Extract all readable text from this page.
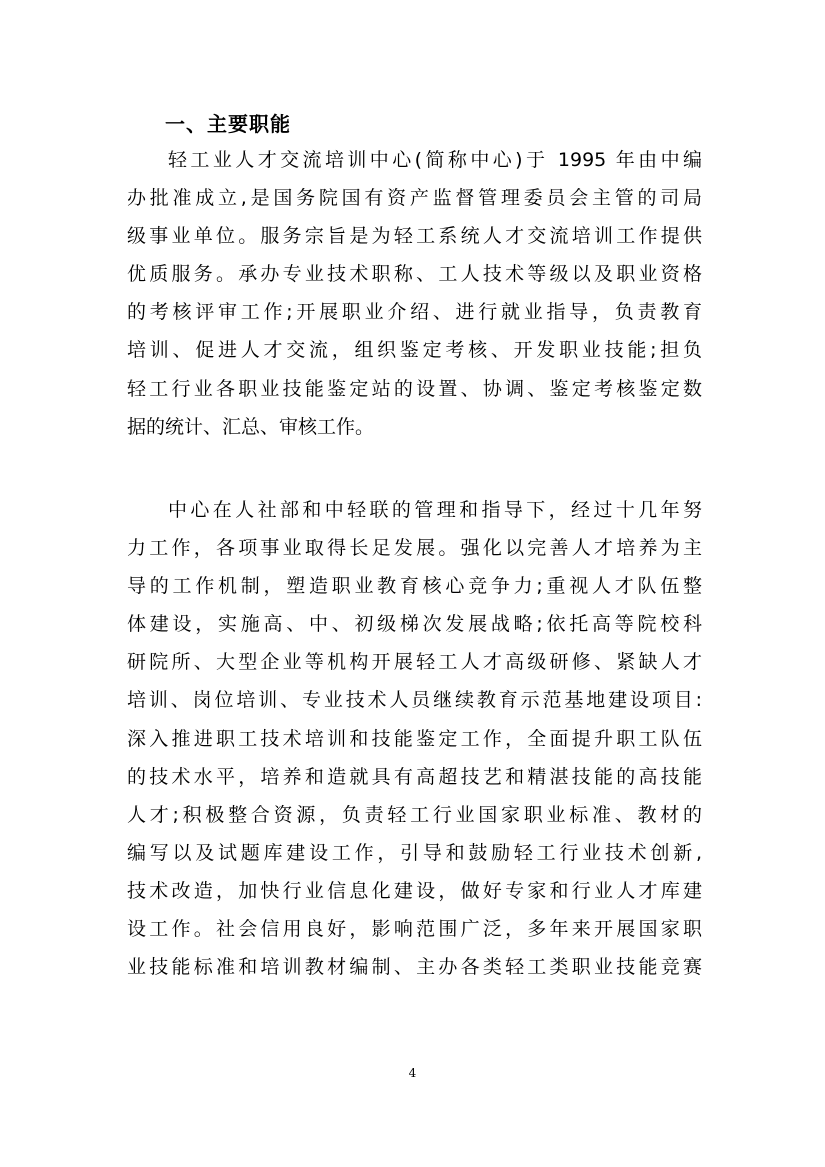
一、主要职能
轻工业人才交流培训中心(简称中心)于 1995 年由中编
办批准成立,是国务院国有资产监督管理委员会主管的司局
级事业单位。服务宗旨是为轻工系统人才交流培训工作提供
优质服务。承办专业技术职称、工人技术等级以及职业资格
的考核评审工作;开展职业介绍、进行就业指导，负责教育
培训、促进人才交流，组织鉴定考核、开发职业技能;担负
轻工行业各职业技能鉴定站的设置、协调、鉴定考核鉴定数
据的统计、汇总、审核工作。
中心在人社部和中轻联的管理和指导下，经过十几年努
力工作，各项事业取得长足发展。强化以完善人才培养为主
导的工作机制，塑造职业教育核心竞争力;重视人才队伍整
体建设，实施高、中、初级梯次发展战略;依托高等院校科
研院所、大型企业等机构开展轻工人才高级研修、紧缺人才
培训、岗位培训、专业技术人员继续教育示范基地建设项目:
深入推进职工技术培训和技能鉴定工作，全面提升职工队伍
的技术水平，培养和造就具有高超技艺和精湛技能的高技能
人才;积极整合资源，负责轻工行业国家职业标准、教材的
编写以及试题库建设工作，引导和鼓励轻工行业技术创新,
技术改造，加快行业信息化建设，做好专家和行业人才库建
设工作。社会信用良好，影响范围广泛，多年来开展国家职
业技能标准和培训教材编制、主办各类轻工类职业技能竞赛
4
